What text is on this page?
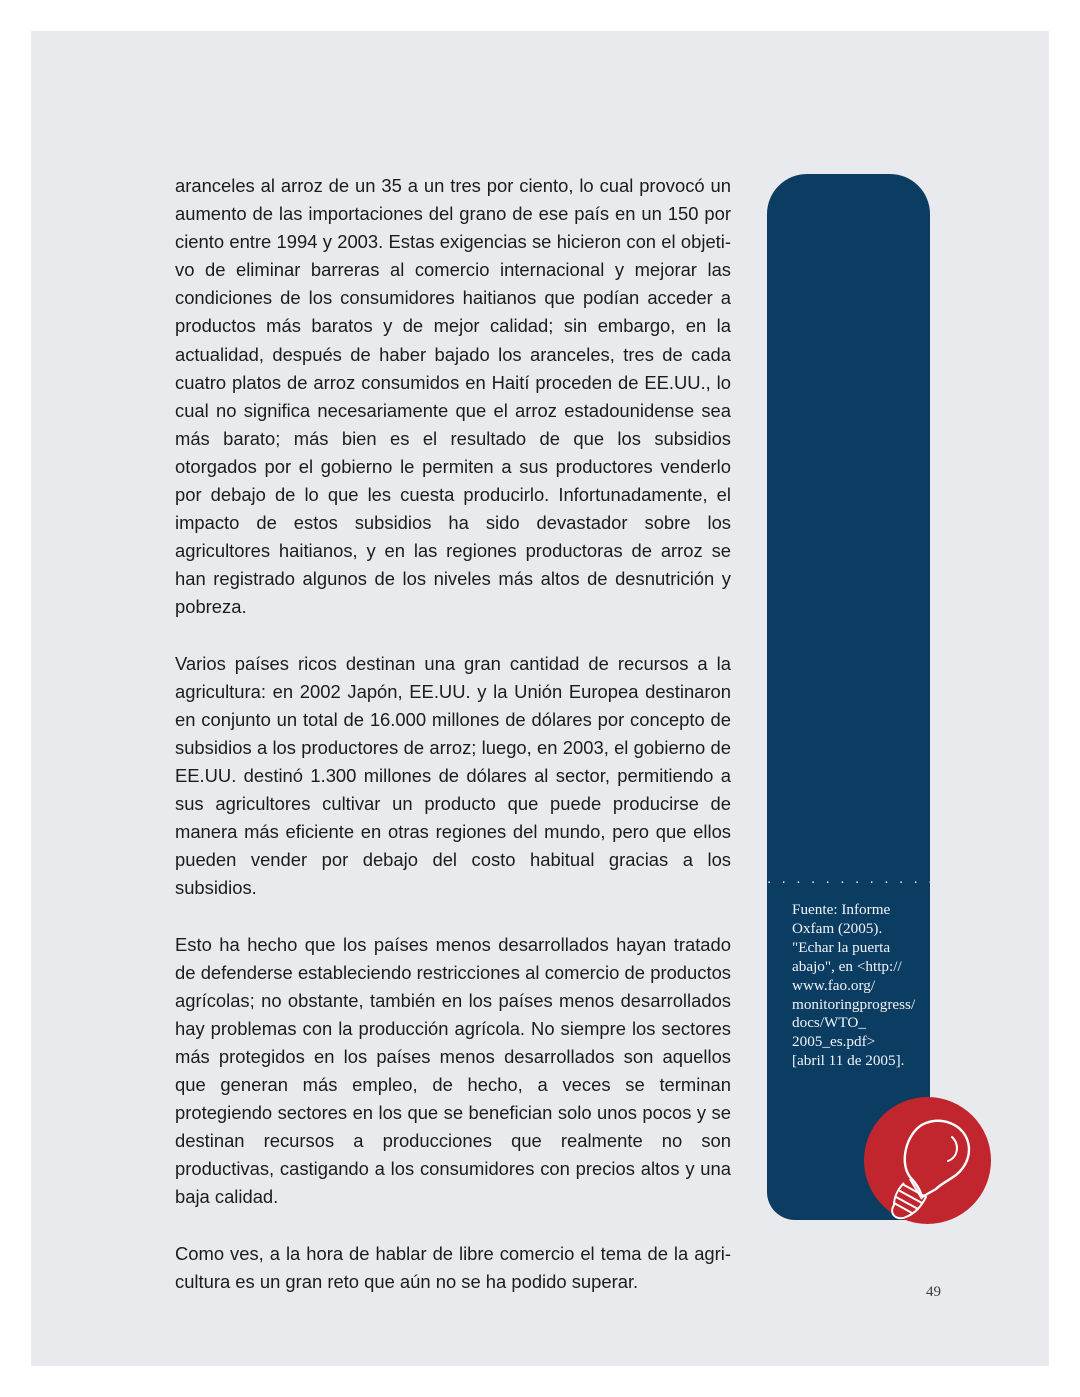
aranceles al arroz de un 35 a un tres por ciento, lo cual provocó un aumento de las importaciones del grano de ese país en un 150 por ciento entre 1994 y 2003. Estas exigencias se hicieron con el objetivo de eliminar barreras al comercio internacional y mejorar las condiciones de los consumidores haitianos que podían acceder a productos más baratos y de mejor calidad; sin embargo, en la actualidad, después de haber bajado los aranceles, tres de cada cuatro platos de arroz consumidos en Haití proceden de EE.UU., lo cual no significa necesariamente que el arroz estadounidense sea más barato; más bien es el resultado de que los subsidios otorgados por el gobierno le permiten a sus productores venderlo por debajo de lo que les cuesta producirlo. Infortunadamente, el impacto de estos subsidios ha sido devastador sobre los agricultores haitianos, y en las regiones productoras de arroz se han registrado algunos de los niveles más altos de desnutrición y pobreza.

Varios países ricos destinan una gran cantidad de recursos a la agricultura: en 2002 Japón, EE.UU. y la Unión Europea destinaron en conjunto un total de 16.000 millones de dólares por concepto de subsidios a los productores de arroz; luego, en 2003, el gobierno de EE.UU. destinó 1.300 millones de dólares al sector, permitiendo a sus agricultores cultivar un producto que puede producirse de manera más eficiente en otras regiones del mundo, pero que ellos pueden vender por debajo del costo habitual gracias a los subsidios.

Esto ha hecho que los países menos desarrollados hayan tratado de defenderse estableciendo restricciones al comercio de productos agrícolas; no obstante, también en los países menos desarrollados hay problemas con la producción agrícola. No siempre los sectores más protegidos en los países menos desarrollados son aquellos que generan más empleo, de hecho, a veces se terminan protegiendo sectores en los que se benefician solo unos pocos y se destinan recursos a producciones que realmente no son productivas, castigando a los consumidores con precios altos y una baja calidad.

Como ves, a la hora de hablar de libre comercio el tema de la agricultura es un gran reto que aún no se ha podido superar.

· · · · · · · · · · · · · · · · · ·
Fuente: Informe
Oxfam (2005).
"Echar la puerta
abajo", en <http://
www.fao.org/
monitoringprogress/
docs/WTO_
2005_es.pdf>
[abril 11 de 2005].
49
